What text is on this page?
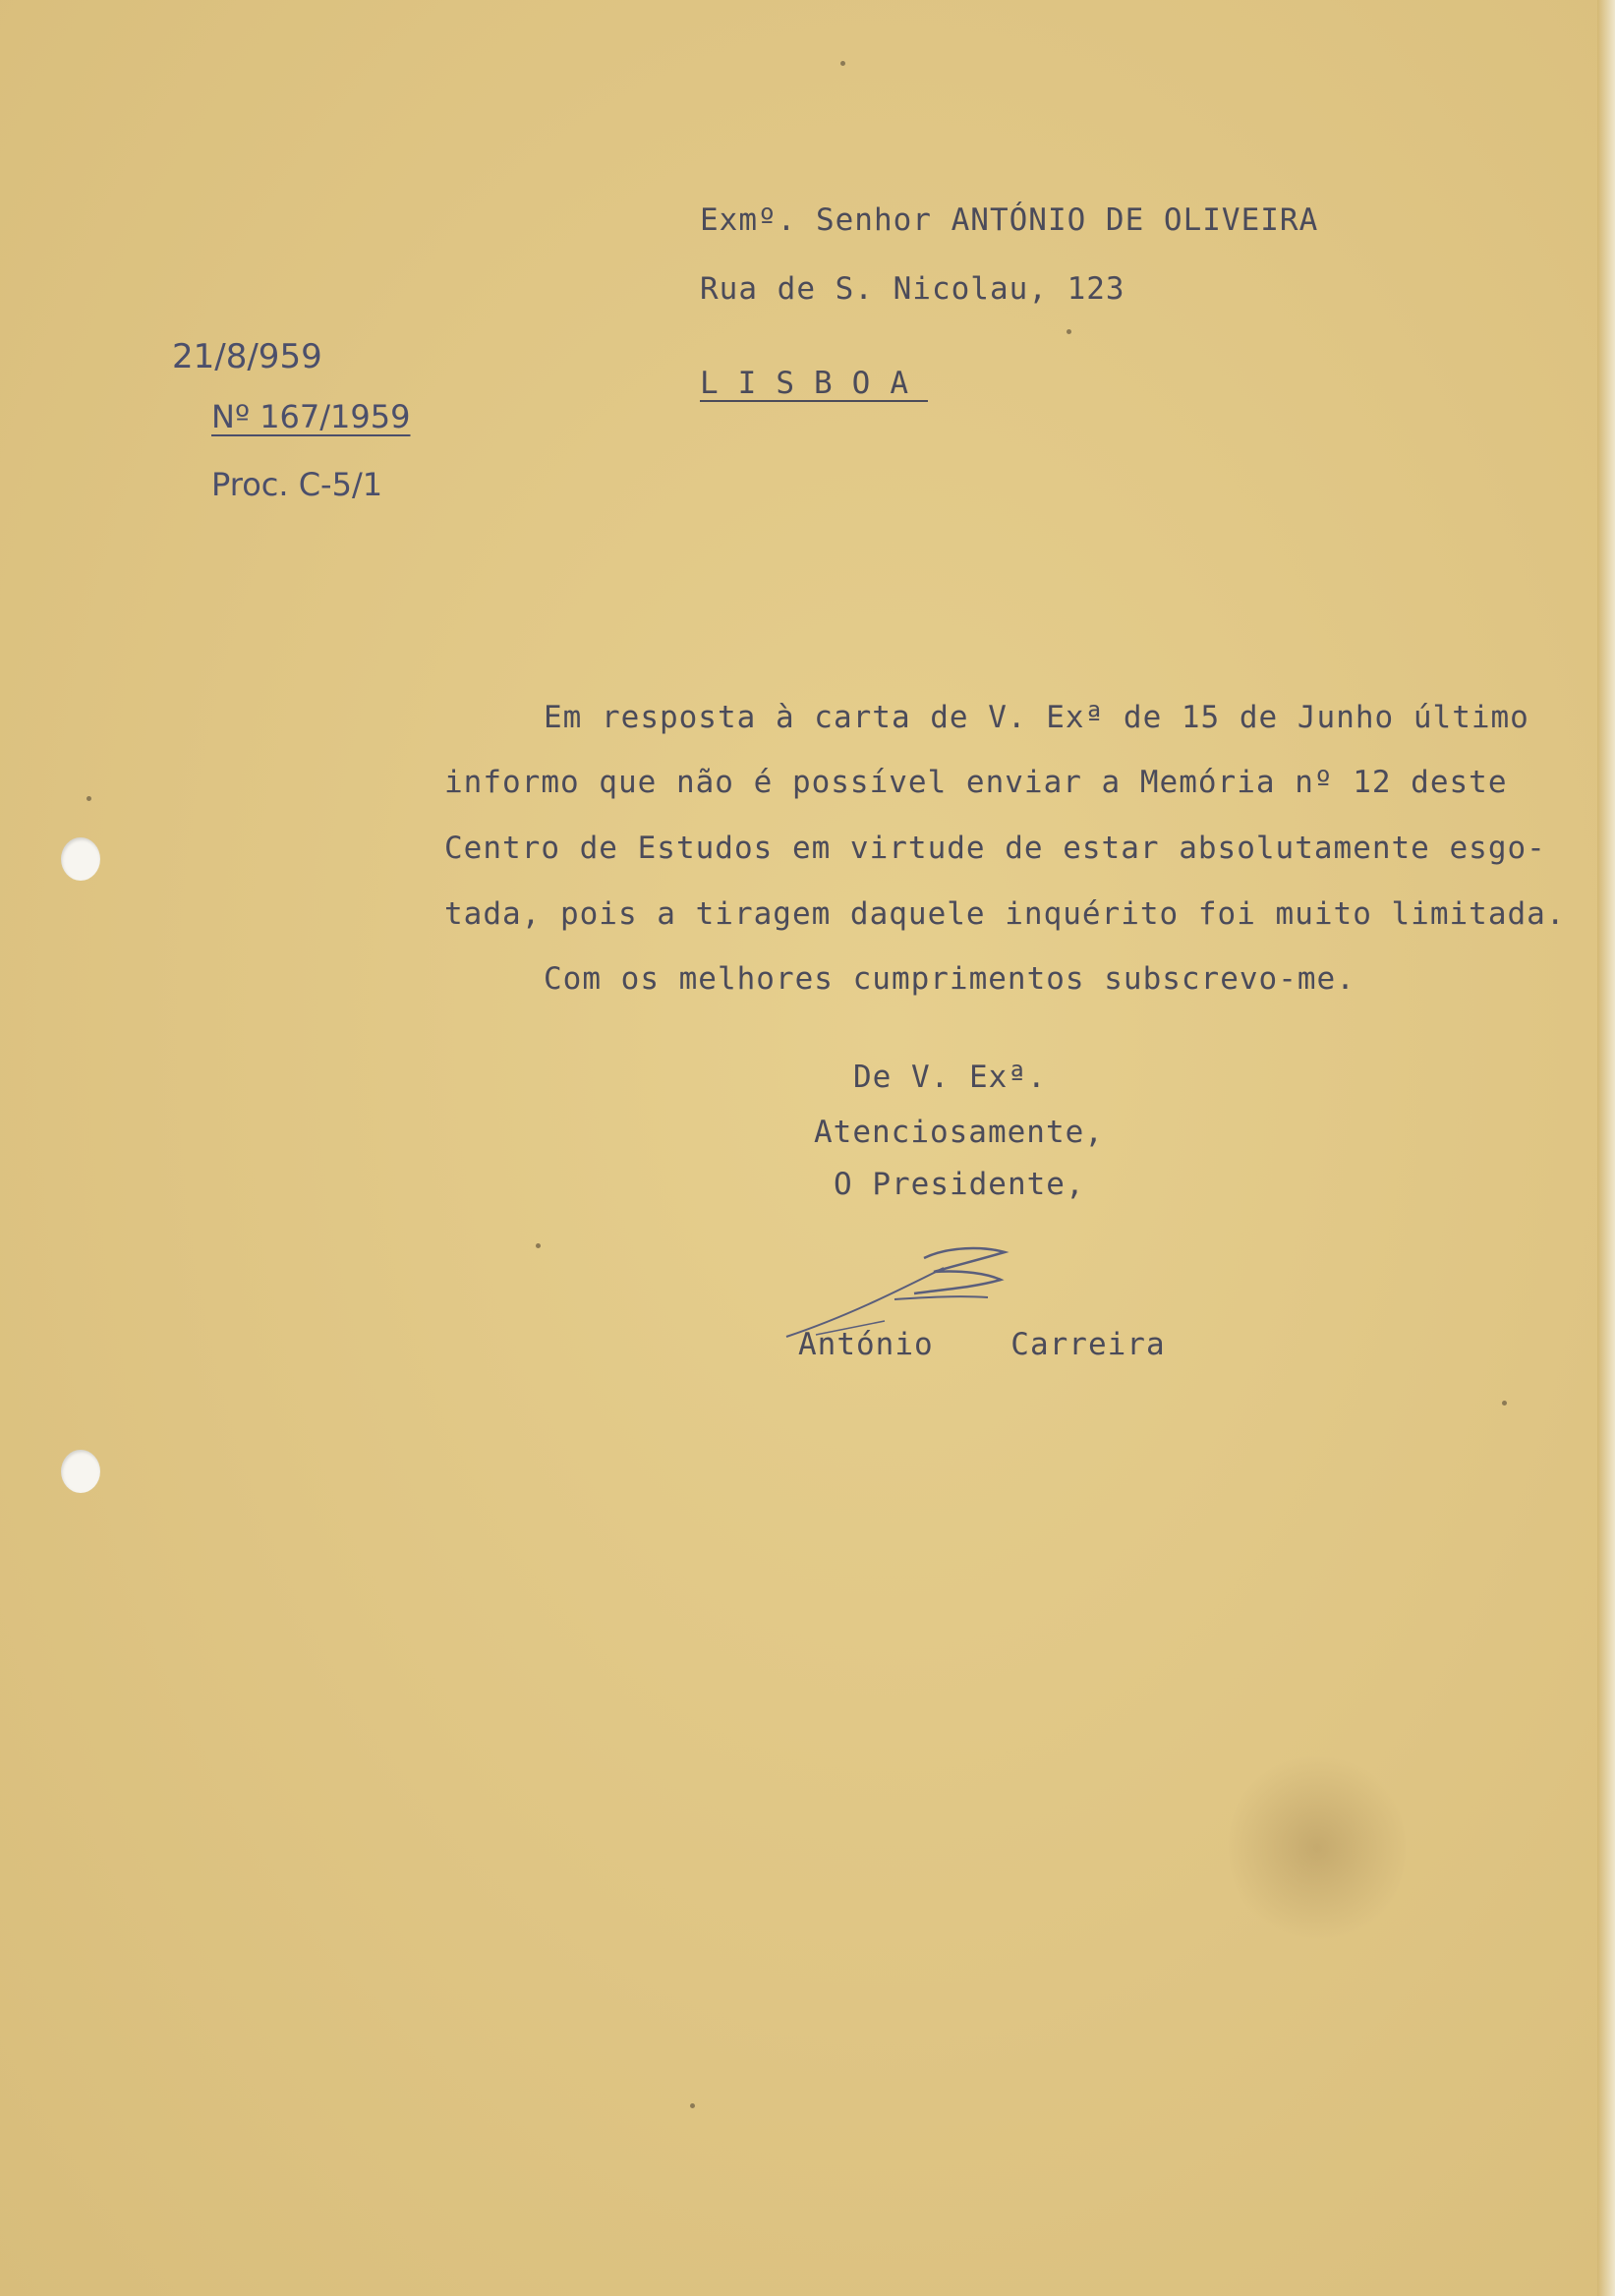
Exmº. Senhor ANTÓNIO DE OLIVEIRA

Rua de S. Nicolau, 123

LISBOA

21/8/959

Nº 167/1959

Proc. C-5/1

Em resposta à carta de V. Exª de 15 de Junho último

informo que não é possível enviar a Memória nº 12 deste

Centro de Estudos em virtude de estar absolutamente esgo-

tada, pois a tiragem daquele inquérito foi muito limitada.

Com os melhores cumprimentos subscrevo-me.

De V. Exª.

Atenciosamente,

O Presidente,

António    Carreira
